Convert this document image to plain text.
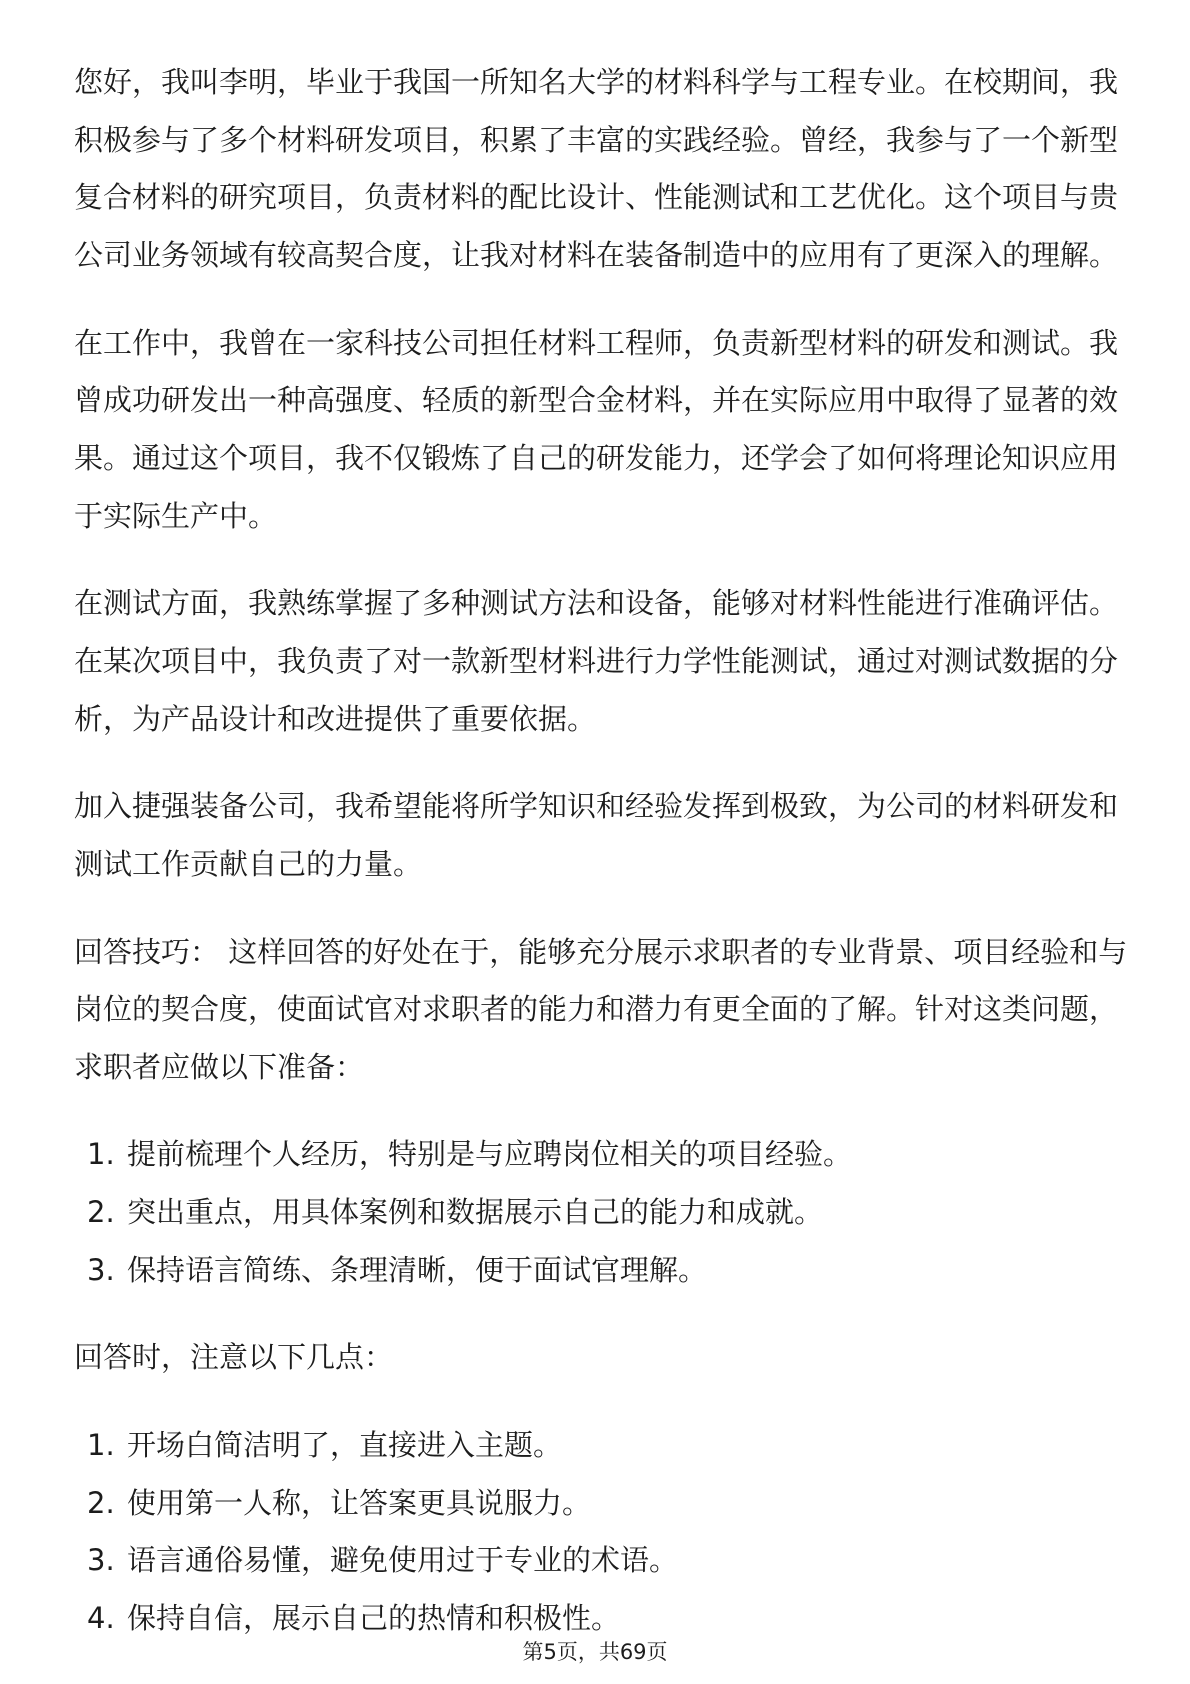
您好，我叫李明，毕业于我国一所知名大学的材料科学与工程专业。在校期间，我
积极参与了多个材料研发项目，积累了丰富的实践经验。曾经，我参与了一个新型
复合材料的研究项目，负责材料的配比设计、性能测试和工艺优化。这个项目与贵
公司业务领域有较高契合度，让我对材料在装备制造中的应用有了更深入的理解。
在工作中，我曾在一家科技公司担任材料工程师，负责新型材料的研发和测试。我
曾成功研发出一种高强度、轻质的新型合金材料，并在实际应用中取得了显著的效
果。通过这个项目，我不仅锻炼了自己的研发能力，还学会了如何将理论知识应用
于实际生产中。
在测试方面，我熟练掌握了多种测试方法和设备，能够对材料性能进行准确评估。
在某次项目中，我负责了对一款新型材料进行力学性能测试，通过对测试数据的分
析，为产品设计和改进提供了重要依据。
加入捷强装备公司，我希望能将所学知识和经验发挥到极致，为公司的材料研发和
测试工作贡献自己的力量。
回答技巧： 这样回答的好处在于，能够充分展示求职者的专业背景、项目经验和与
岗位的契合度，使面试官对求职者的能力和潜力有更全面的了解。针对这类问题，
求职者应做以下准备：
1. 提前梳理个人经历，特别是与应聘岗位相关的项目经验。
2. 突出重点，用具体案例和数据展示自己的能力和成就。
3. 保持语言简练、条理清晰，便于面试官理解。
回答时，注意以下几点：
1. 开场白简洁明了，直接进入主题。
2. 使用第一人称，让答案更具说服力。
3. 语言通俗易懂，避免使用过于专业的术语。
4. 保持自信，展示自己的热情和积极性。
第5页，共69页
